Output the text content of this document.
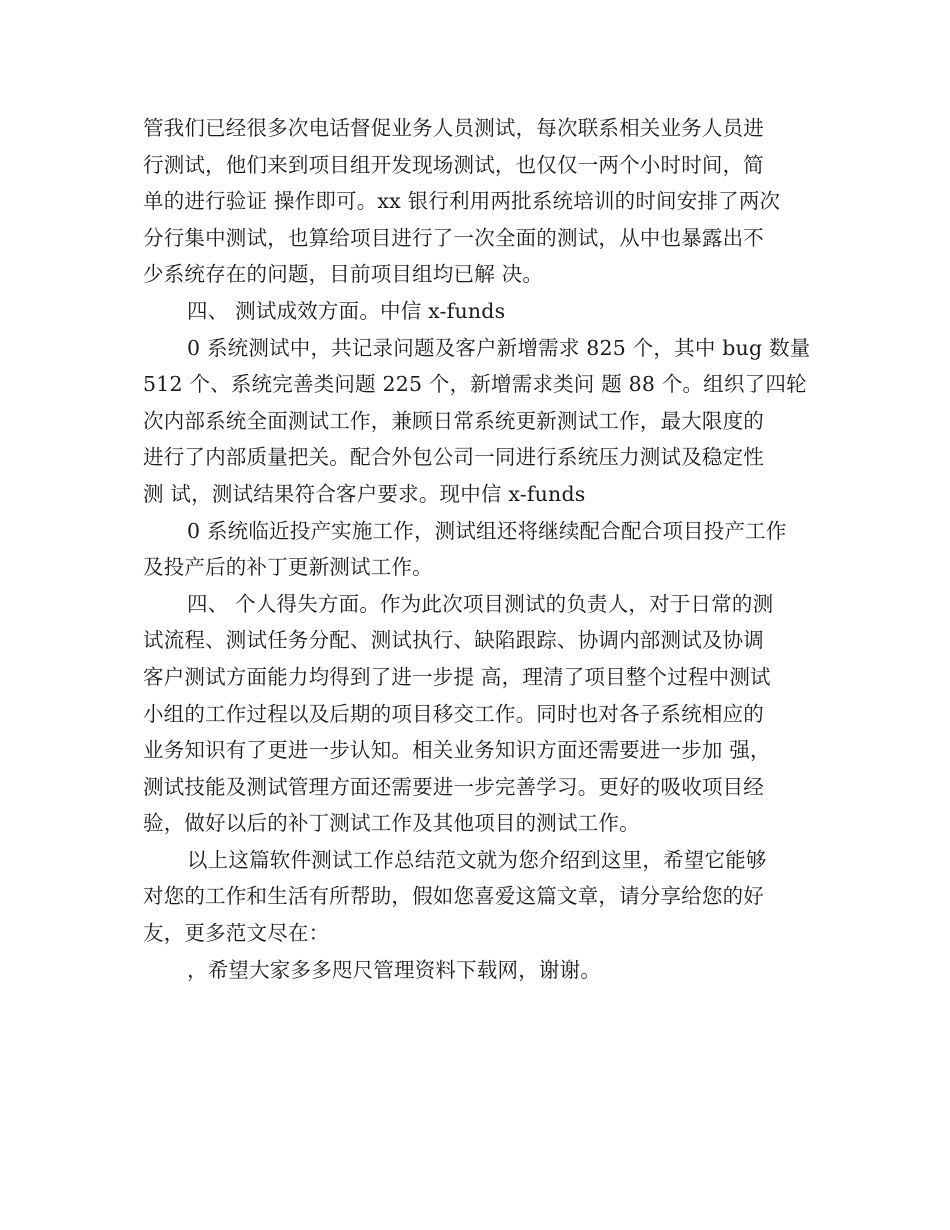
管我们已经很多次电话督促业务人员测试，每次联系相关业务人员进
行测试，他们来到项目组开发现场测试，也仅仅一两个小时时间，简
单的进行验证 操作即可。xx 银行利用两批系统培训的时间安排了两次
分行集中测试，也算给项目进行了一次全面的测试，从中也暴露出不
少系统存在的问题，目前项目组均已解 决。
四、 测试成效方面。中信 x-funds
0 系统测试中，共记录问题及客户新增需求 825 个，其中 bug 数量
512 个、系统完善类问题 225 个，新增需求类问 题 88 个。组织了四轮
次内部系统全面测试工作，兼顾日常系统更新测试工作，最大限度的
进行了内部质量把关。配合外包公司一同进行系统压力测试及稳定性
测 试，测试结果符合客户要求。现中信 x-funds
0 系统临近投产实施工作，测试组还将继续配合配合项目投产工作
及投产后的补丁更新测试工作。
四、 个人得失方面。作为此次项目测试的负责人，对于日常的测
试流程、测试任务分配、测试执行、缺陷跟踪、协调内部测试及协调
客户测试方面能力均得到了进一步提 高，理清了项目整个过程中测试
小组的工作过程以及后期的项目移交工作。同时也对各子系统相应的
业务知识有了更进一步认知。相关业务知识方面还需要进一步加 强，
测试技能及测试管理方面还需要进一步完善学习。更好的吸收项目经
验，做好以后的补丁测试工作及其他项目的测试工作。
以上这篇软件测试工作总结范文就为您介绍到这里，希望它能够
对您的工作和生活有所帮助，假如您喜爱这篇文章，请分享给您的好
友，更多范文尽在：
，希望大家多多咫尺管理资料下载网，谢谢。
